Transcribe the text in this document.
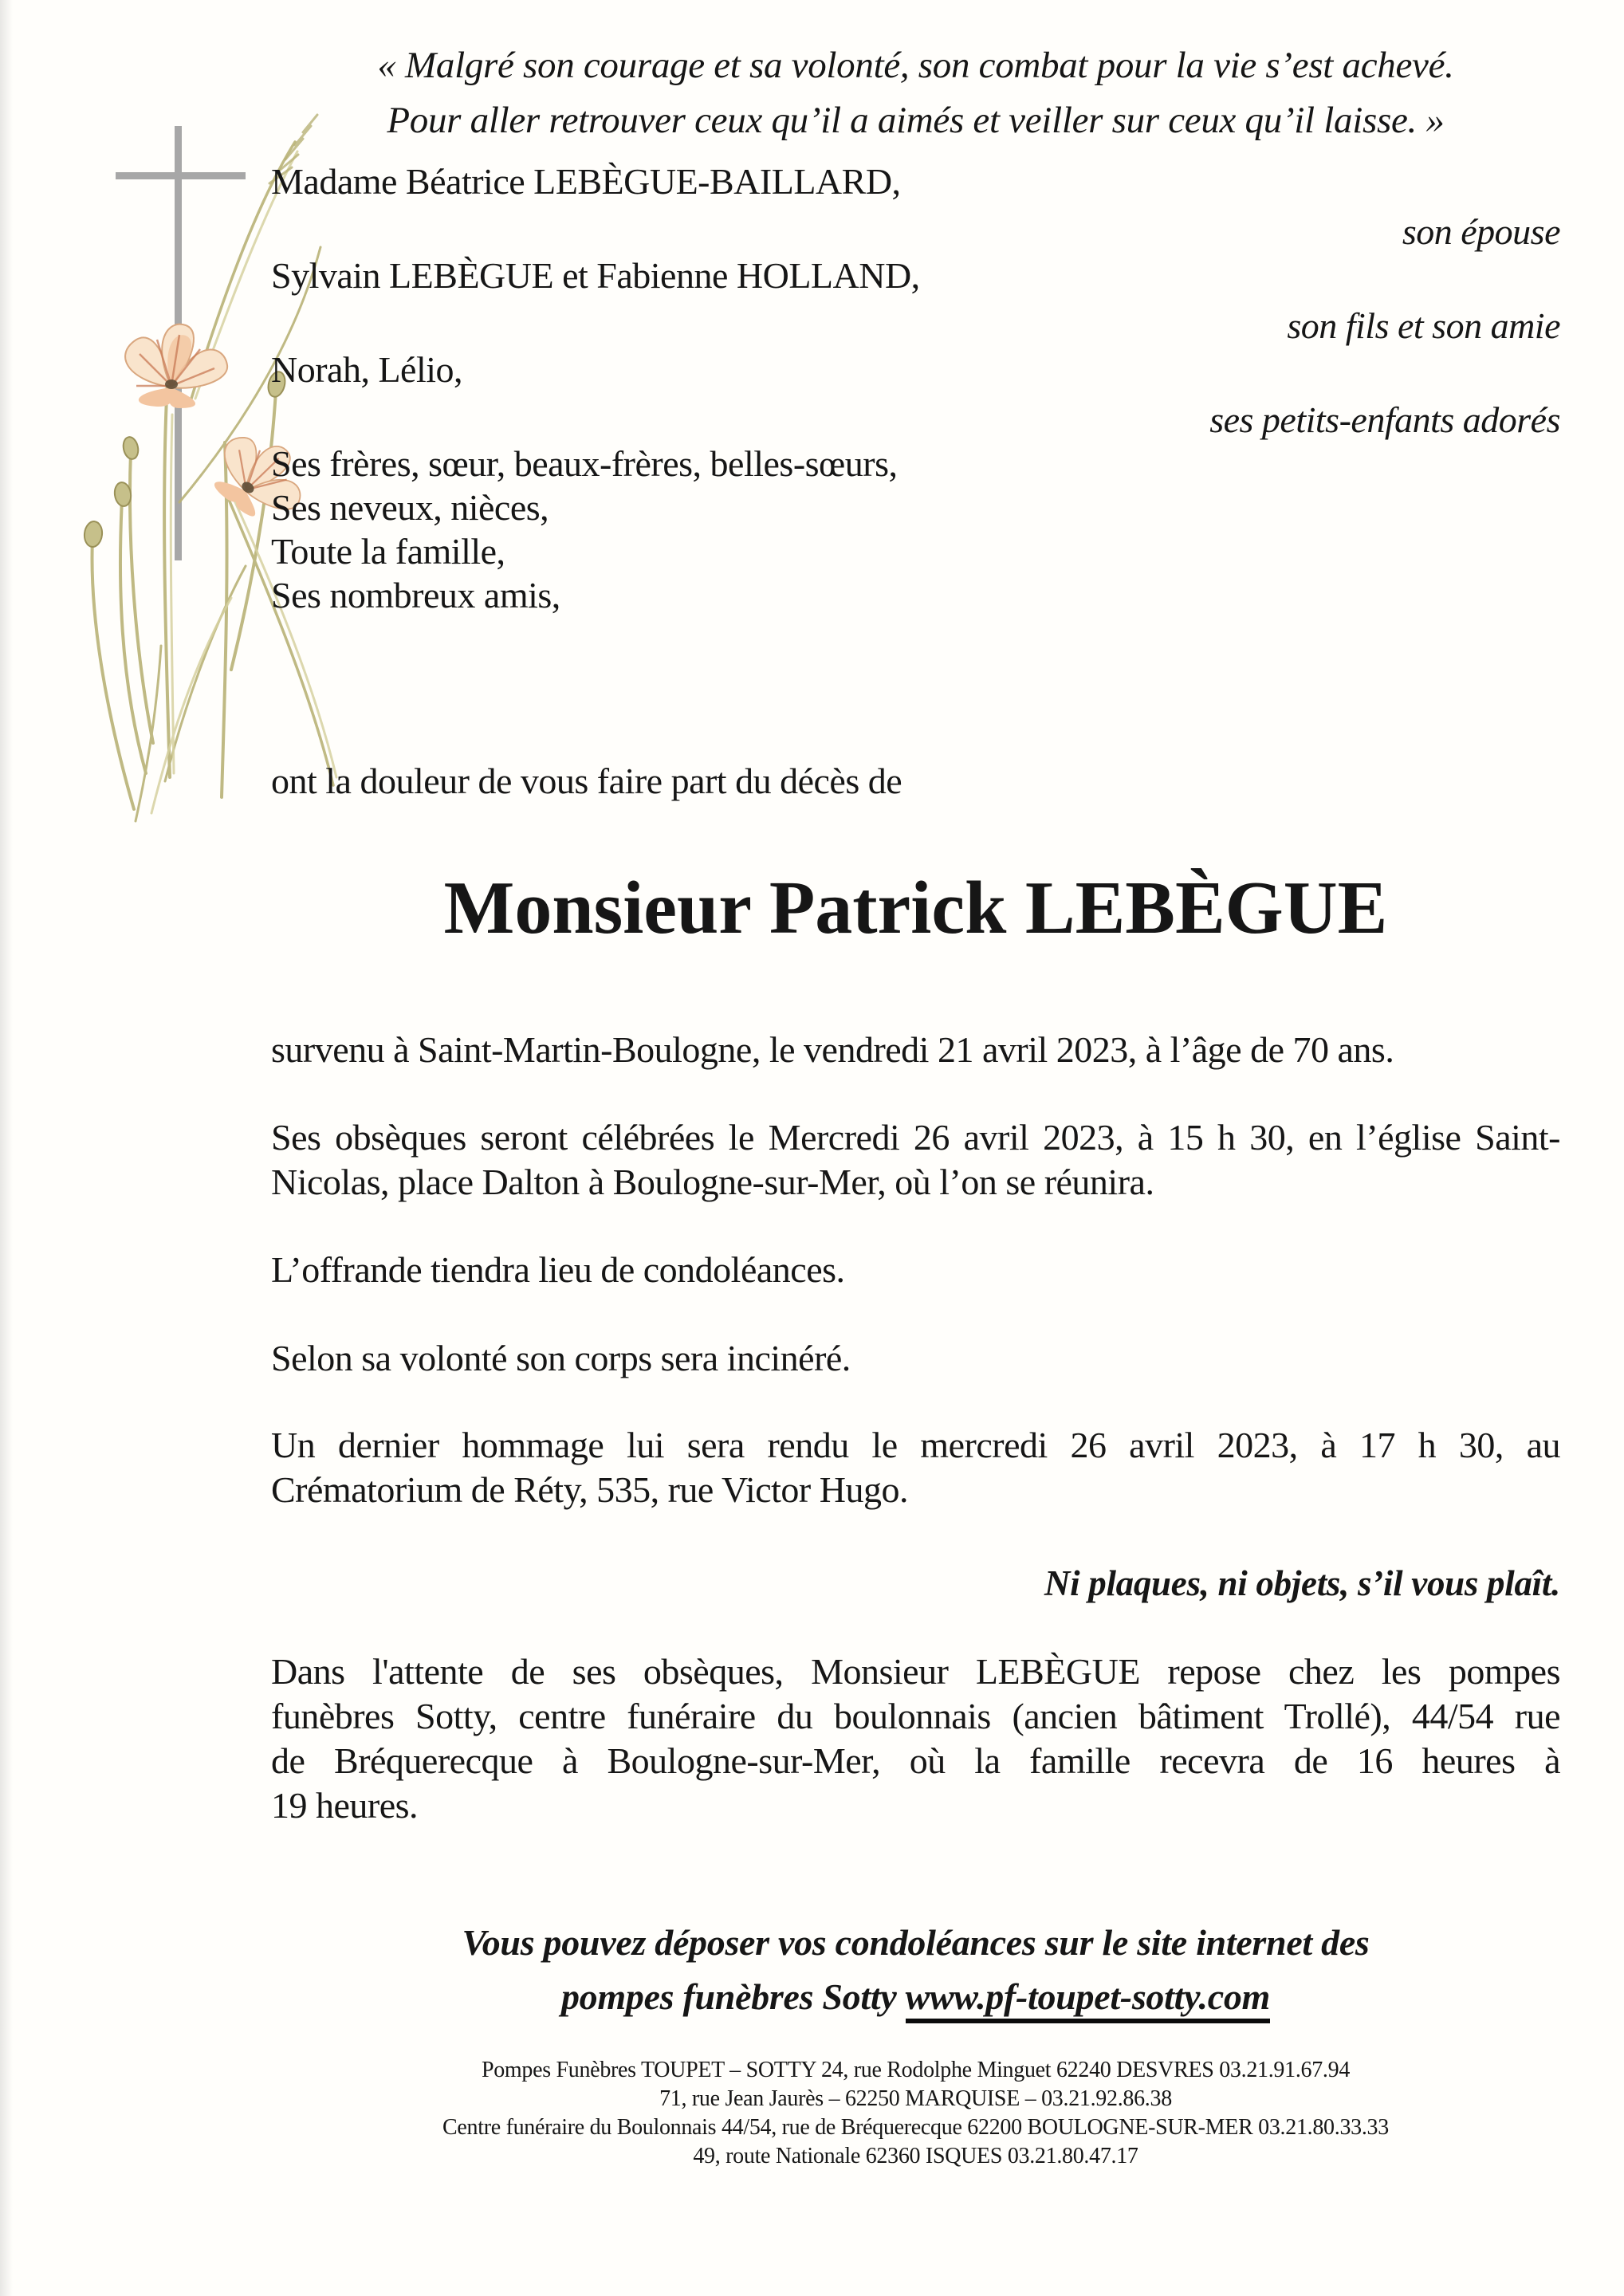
« Malgré son courage et sa volonté, son combat pour la vie s’est achevé.
Pour aller retrouver ceux qu’il a aimés et veiller sur ceux qu’il laisse. »
Madame Béatrice LEBÈGUE-BAILLARD,
son épouse
Sylvain LEBÈGUE et Fabienne HOLLAND,
son fils et son amie
Norah, Lélio,
ses petits-enfants adorés
Ses frères, sœur, beaux-frères, belles-sœurs,
Ses neveux, nièces,
Toute la famille,
Ses nombreux amis,
ont la douleur de vous faire part du décès de
Monsieur Patrick LEBÈGUE
survenu à Saint-Martin-Boulogne, le vendredi 21 avril 2023, à l’âge de 70 ans.
Ses obsèques seront célébrées le Mercredi 26 avril 2023, à 15 h 30, en l’église Saint-
Nicolas, place Dalton à Boulogne-sur-Mer, où l’on se réunira.
L’offrande tiendra lieu de condoléances.
Selon sa volonté son corps sera incinéré.
Un dernier hommage lui sera rendu le mercredi 26 avril 2023, à 17 h 30, au
Crématorium de Réty, 535, rue Victor Hugo.
Ni plaques, ni objets, s’il vous plaît.
Dans l'attente de ses obsèques, Monsieur LEBÈGUE repose chez les pompes
funèbres Sotty, centre funéraire du boulonnais (ancien bâtiment Trollé), 44/54 rue
de Bréquerecque à Boulogne-sur-Mer, où la famille recevra de 16 heures à
19 heures.
Vous pouvez déposer vos condoléances sur le site internet des
pompes funèbres Sotty www.pf-toupet-sotty.com
Pompes Funèbres TOUPET – SOTTY 24, rue Rodolphe Minguet 62240 DESVRES 03.21.91.67.94
71, rue Jean Jaurès – 62250 MARQUISE – 03.21.92.86.38
Centre funéraire du Boulonnais 44/54, rue de Bréquerecque 62200 BOULOGNE-SUR-MER 03.21.80.33.33
49, route Nationale 62360 ISQUES 03.21.80.47.17
